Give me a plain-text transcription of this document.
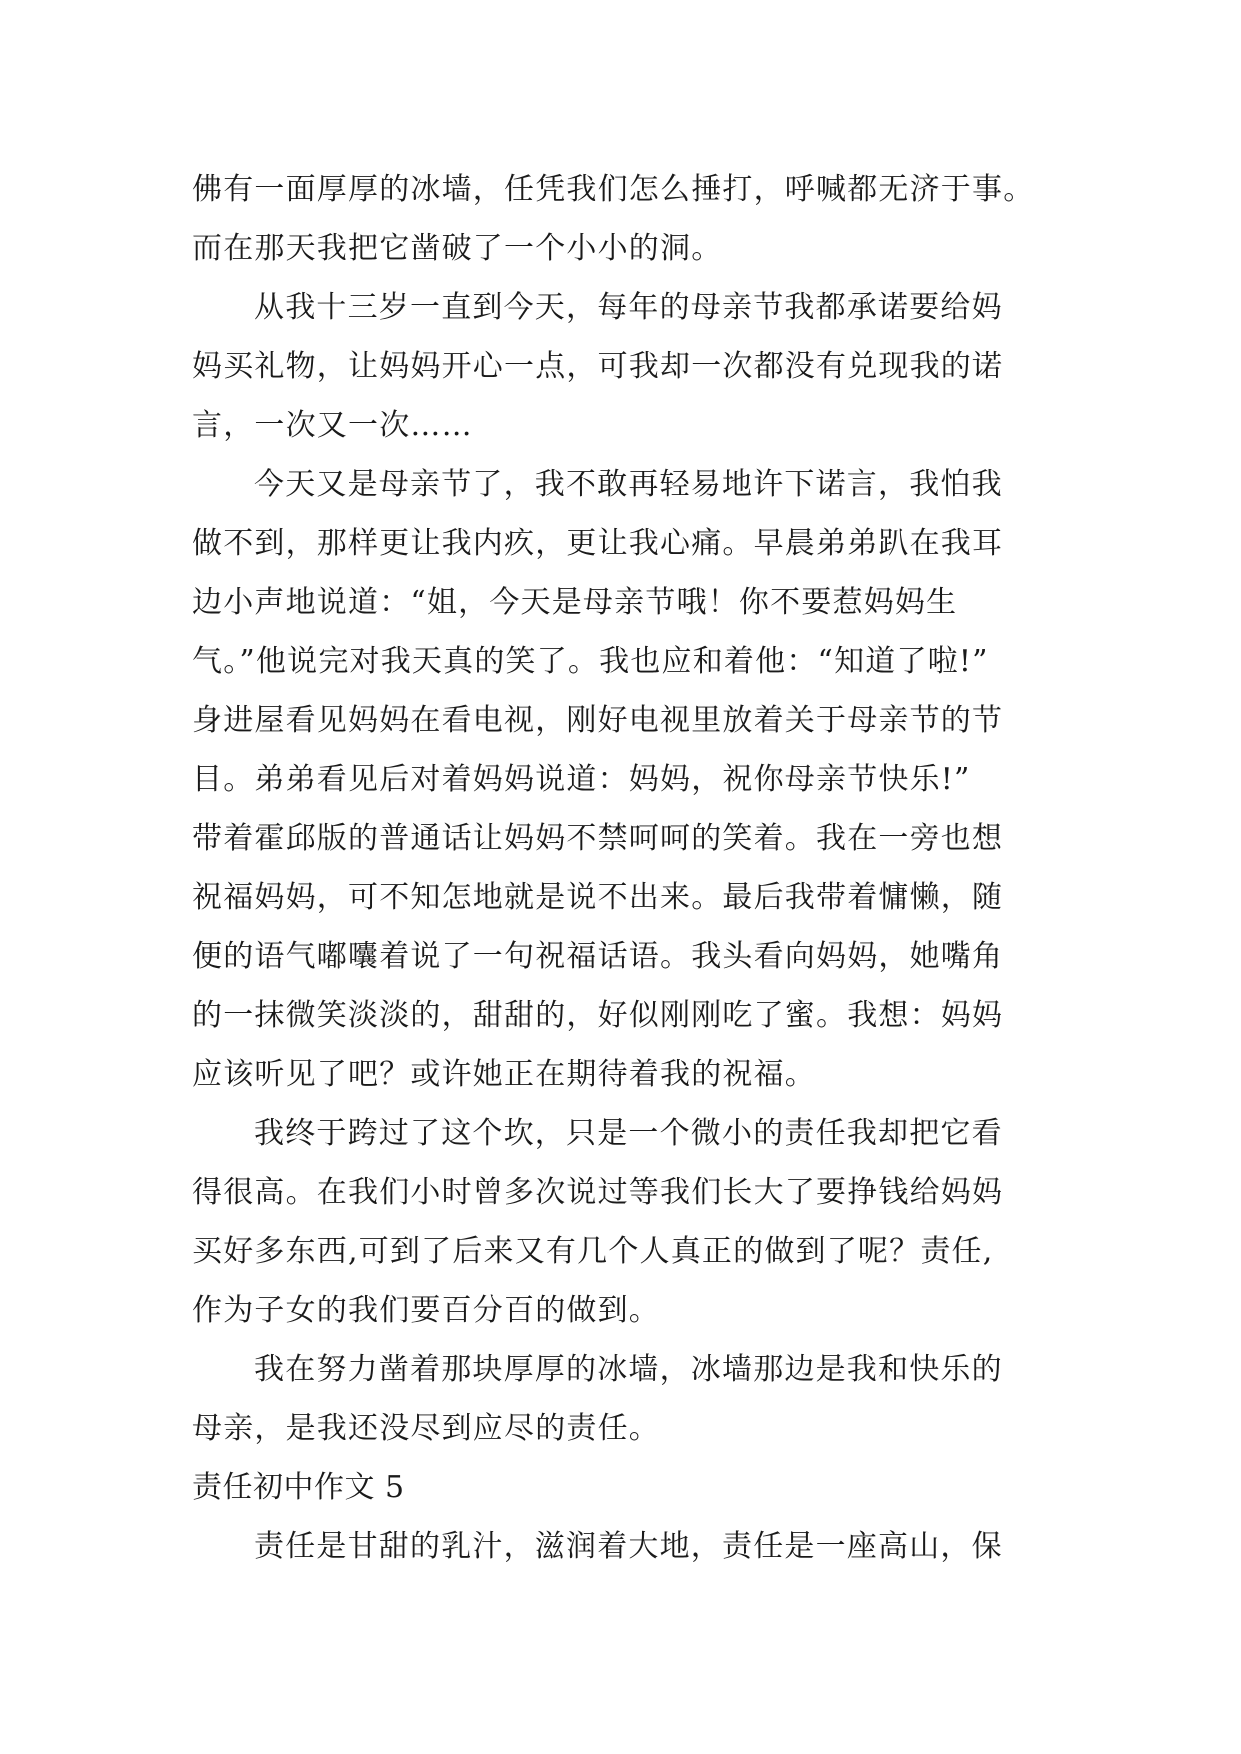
佛有一面厚厚的冰墙，任凭我们怎么捶打，呼喊都无济于事。
而在那天我把它凿破了一个小小的洞。
从我十三岁一直到今天，每年的母亲节我都承诺要给妈
妈买礼物，让妈妈开心一点，可我却一次都没有兑现我的诺
言，一次又一次……
今天又是母亲节了，我不敢再轻易地许下诺言，我怕我
做不到，那样更让我内疚，更让我心痛。早晨弟弟趴在我耳
边小声地说道：“姐，今天是母亲节哦！你不要惹妈妈生
气。”他说完对我天真的笑了。我也应和着他：“知道了啦!”
身进屋看见妈妈在看电视，刚好电视里放着关于母亲节的节
目。弟弟看见后对着妈妈说道：妈妈，祝你母亲节快乐!”
带着霍邱版的普通话让妈妈不禁呵呵的笑着。我在一旁也想
祝福妈妈，可不知怎地就是说不出来。最后我带着慵懒，随
便的语气嘟囔着说了一句祝福话语。我头看向妈妈，她嘴角
的一抹微笑淡淡的，甜甜的，好似刚刚吃了蜜。我想：妈妈
应该听见了吧？或许她正在期待着我的祝福。
我终于跨过了这个坎，只是一个微小的责任我却把它看
得很高。在我们小时曾多次说过等我们长大了要挣钱给妈妈
买好多东西,可到了后来又有几个人真正的做到了呢？责任,
作为子女的我们要百分百的做到。
我在努力凿着那块厚厚的冰墙，冰墙那边是我和快乐的
母亲，是我还没尽到应尽的责任。
责任初中作文 5
责任是甘甜的乳汁，滋润着大地，责任是一座高山，保
